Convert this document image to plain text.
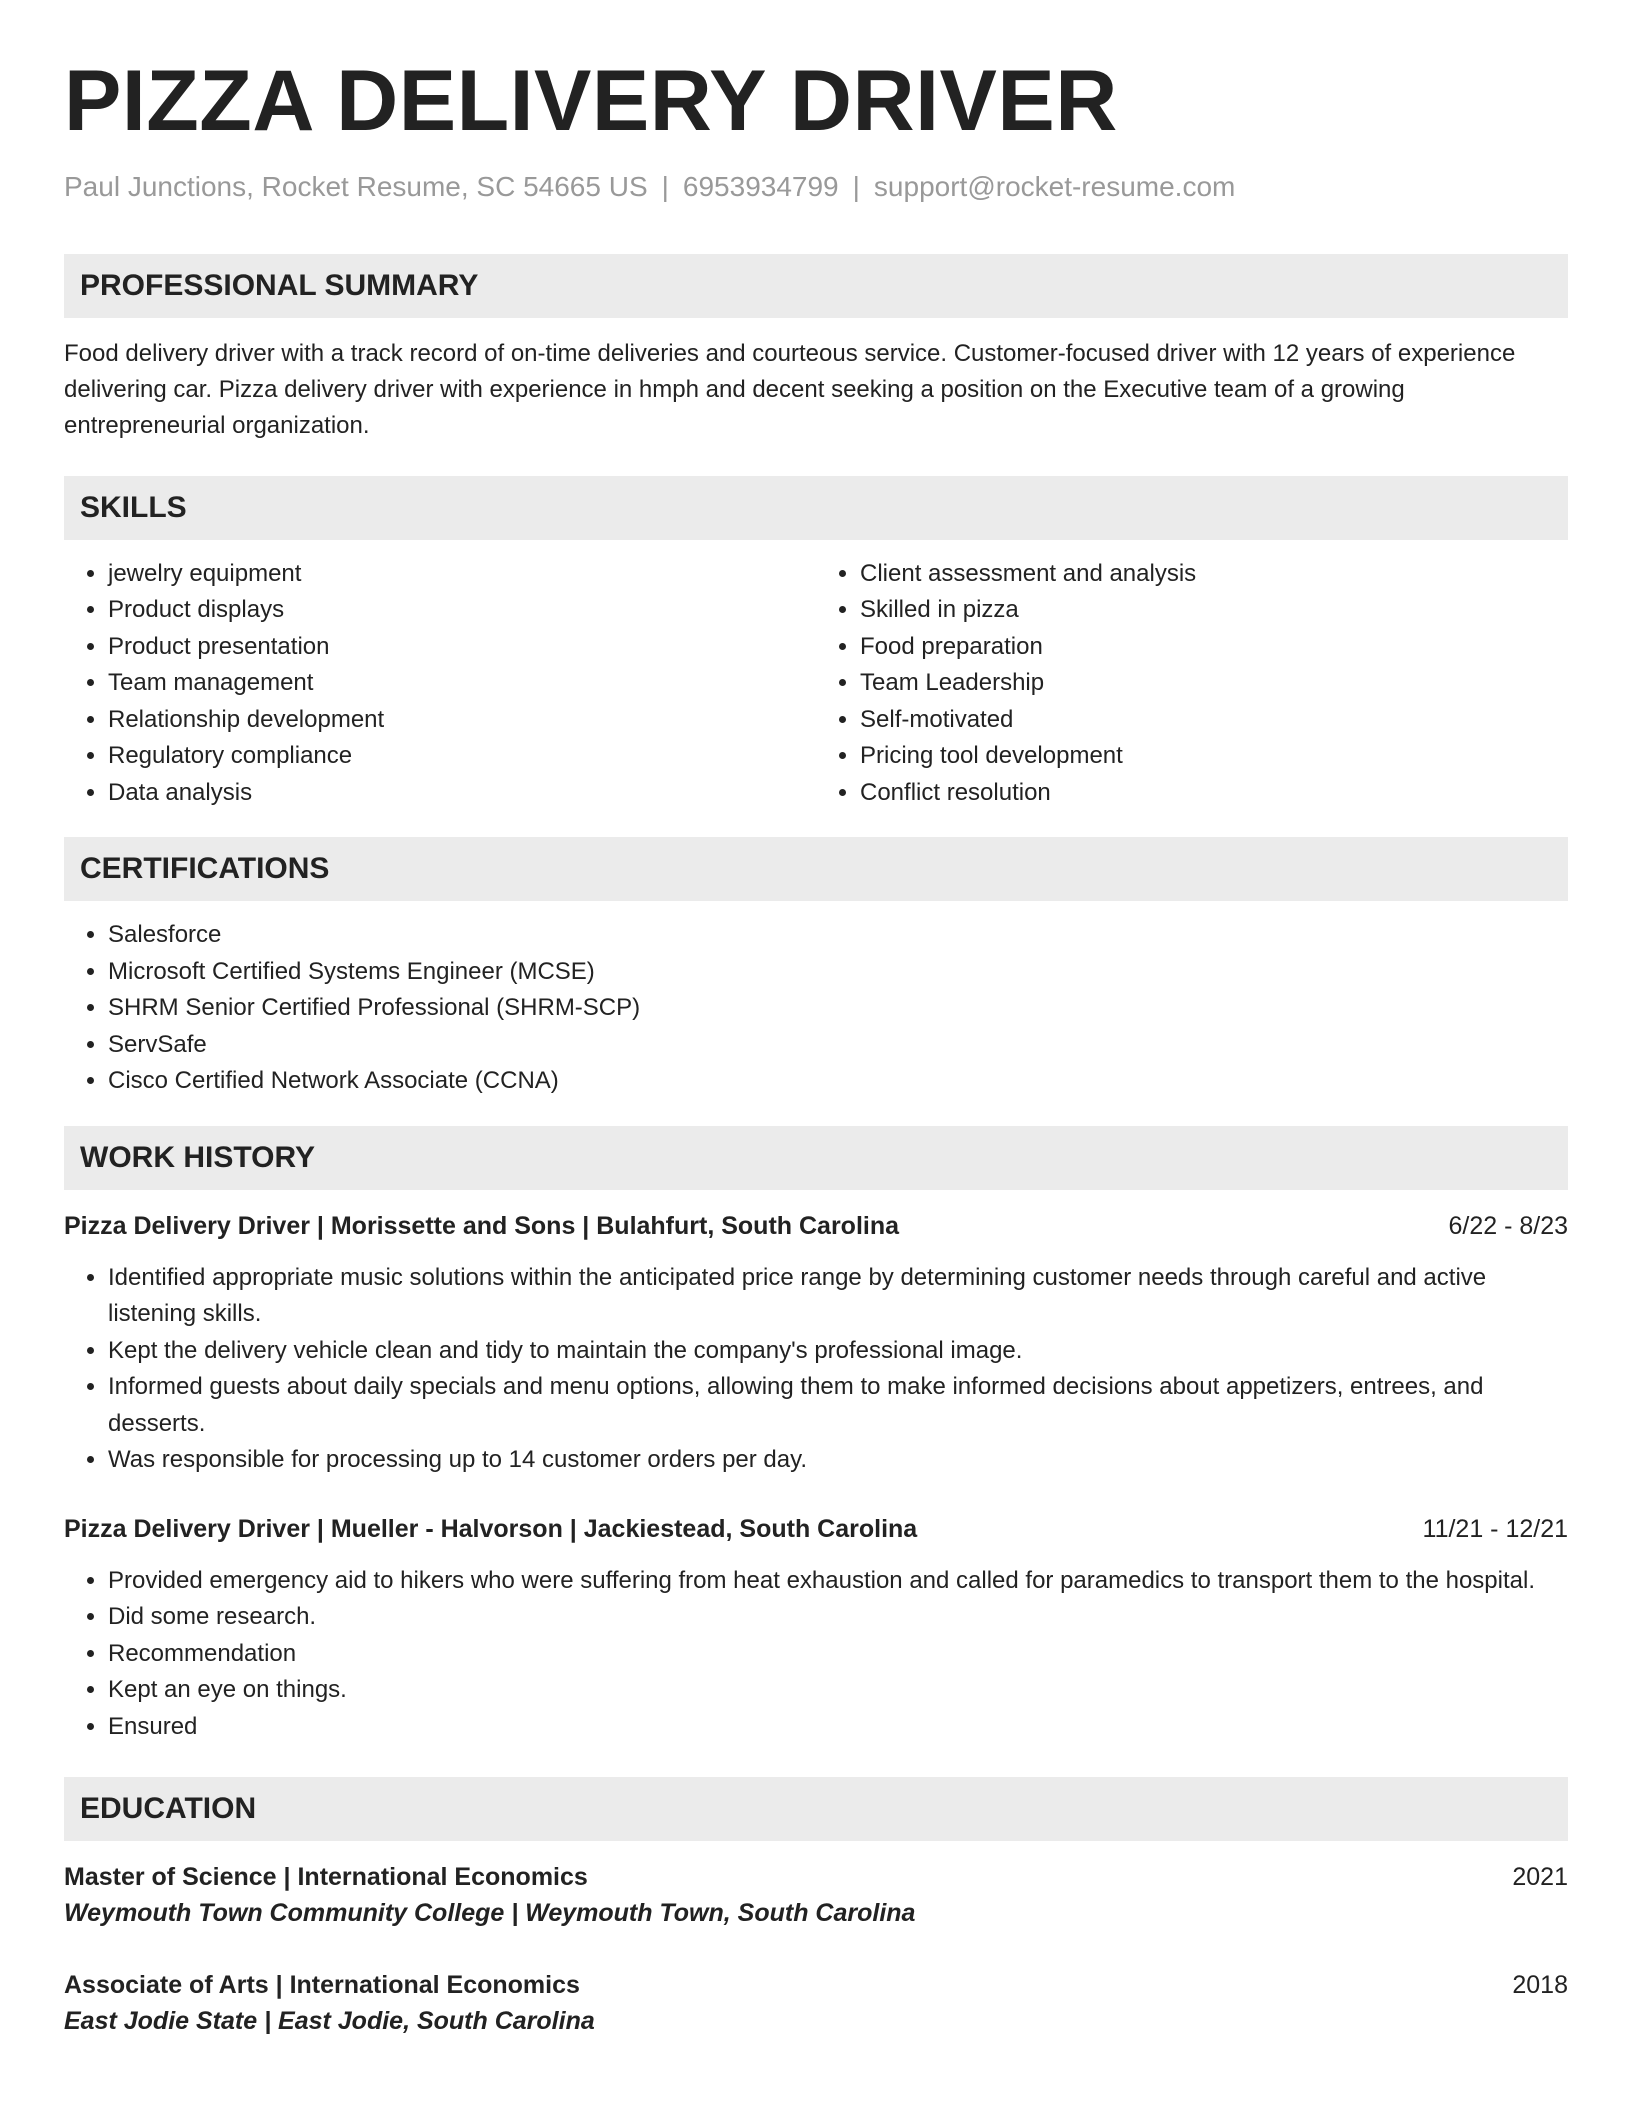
PIZZA DELIVERY DRIVER
Paul Junctions, Rocket Resume, SC 54665 US | 6953934799 | support@rocket-resume.com
PROFESSIONAL SUMMARY

Food delivery driver with a track record of on-time deliveries and courteous service. Customer-focused driver with 12 years of experience delivering car. Pizza delivery driver with experience in hmph and decent seeking a position on the Executive team of a growing entrepreneurial organization.

SKILLS
• jewelry equipment
• Product displays
• Product presentation
• Team management
• Relationship development
• Regulatory compliance
• Data analysis
• Client assessment and analysis
• Skilled in pizza
• Food preparation
• Team Leadership
• Self-motivated
• Pricing tool development
• Conflict resolution
CERTIFICATIONS
• Salesforce
• Microsoft Certified Systems Engineer (MCSE)
• SHRM Senior Certified Professional (SHRM-SCP)
• ServSafe
• Cisco Certified Network Associate (CCNA)
WORK HISTORY
Pizza Delivery Driver | Morissette and Sons | Bulahfurt, South Carolina	6/22 - 8/23
• Identified appropriate music solutions within the anticipated price range by determining customer needs through careful and active listening skills.
• Kept the delivery vehicle clean and tidy to maintain the company's professional image.
• Informed guests about daily specials and menu options, allowing them to make informed decisions about appetizers, entrees, and desserts.
• Was responsible for processing up to 14 customer orders per day.
Pizza Delivery Driver | Mueller - Halvorson | Jackiestead, South Carolina	11/21 - 12/21
• Provided emergency aid to hikers who were suffering from heat exhaustion and called for paramedics to transport them to the hospital.
• Did some research.
• Recommendation
• Kept an eye on things.
• Ensured
EDUCATION
Master of Science | International Economics	2021
Weymouth Town Community College | Weymouth Town, South Carolina
Associate of Arts | International Economics	2018
East Jodie State | East Jodie, South Carolina
